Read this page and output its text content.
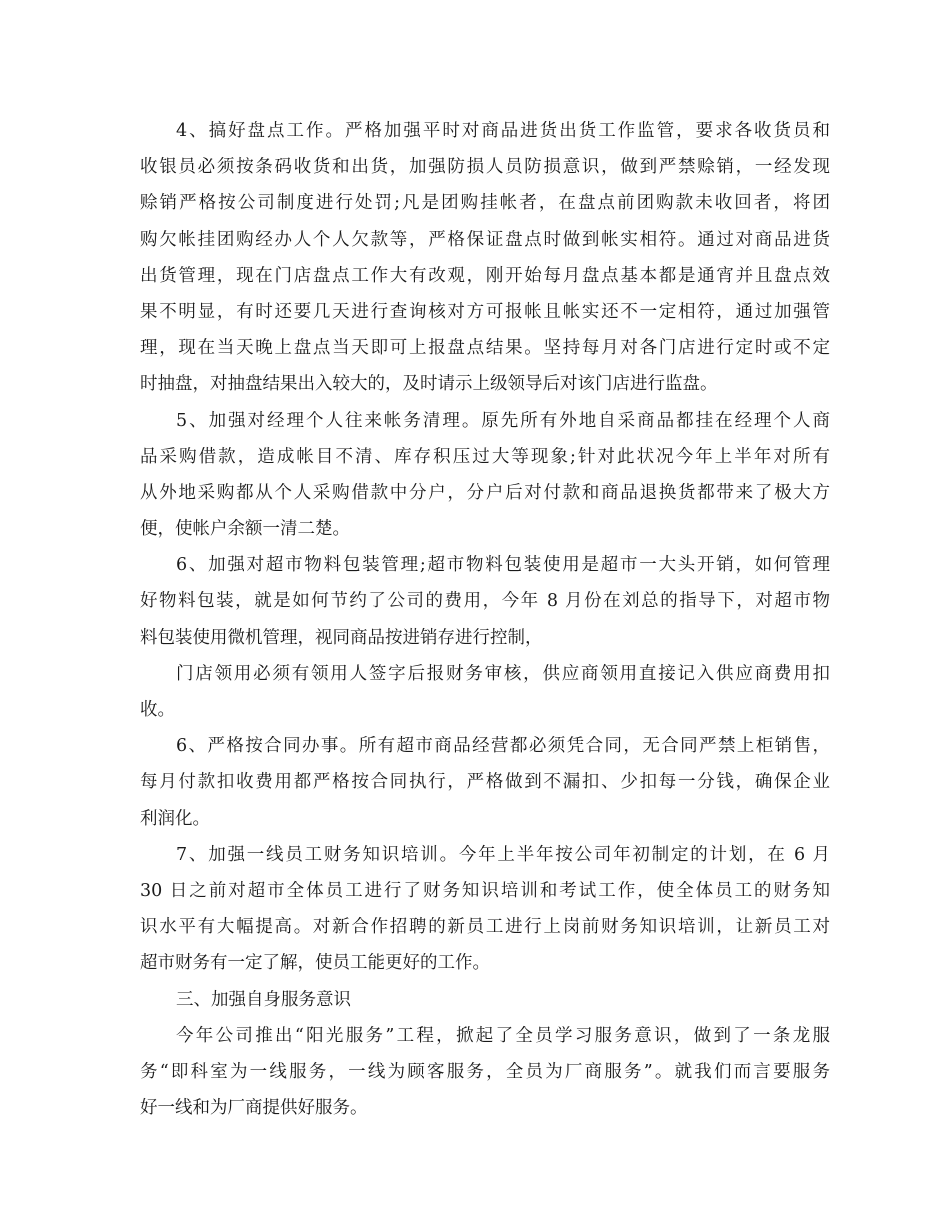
4、搞好盘点工作。严格加强平时对商品进货出货工作监管，要求各收货员和
收银员必须按条码收货和出货，加强防损人员防损意识，做到严禁赊销，一经发现
赊销严格按公司制度进行处罚;凡是团购挂帐者，在盘点前团购款未收回者，将团
购欠帐挂团购经办人个人欠款等，严格保证盘点时做到帐实相符。通过对商品进货
出货管理，现在门店盘点工作大有改观，刚开始每月盘点基本都是通宵并且盘点效
果不明显，有时还要几天进行查询核对方可报帐且帐实还不一定相符，通过加强管
理，现在当天晚上盘点当天即可上报盘点结果。坚持每月对各门店进行定时或不定
时抽盘，对抽盘结果出入较大的，及时请示上级领导后对该门店进行监盘。
5、加强对经理个人往来帐务清理。原先所有外地自采商品都挂在经理个人商
品采购借款，造成帐目不清、库存积压过大等现象;针对此状况今年上半年对所有
从外地采购都从个人采购借款中分户，分户后对付款和商品退换货都带来了极大方
便，使帐户余额一清二楚。
6、加强对超市物料包装管理;超市物料包装使用是超市一大头开销，如何管理
好物料包装，就是如何节约了公司的费用，今年 8 月份在刘总的指导下，对超市物
料包装使用微机管理，视同商品按进销存进行控制，
门店领用必须有领用人签字后报财务审核，供应商领用直接记入供应商费用扣
收。
6、严格按合同办事。所有超市商品经营都必须凭合同，无合同严禁上柜销售，
每月付款扣收费用都严格按合同执行，严格做到不漏扣、少扣每一分钱，确保企业
利润化。
7、加强一线员工财务知识培训。今年上半年按公司年初制定的计划，在 6 月
30 日之前对超市全体员工进行了财务知识培训和考试工作，使全体员工的财务知
识水平有大幅提高。对新合作招聘的新员工进行上岗前财务知识培训，让新员工对
超市财务有一定了解，使员工能更好的工作。
三、加强自身服务意识
今年公司推出“阳光服务”工程，掀起了全员学习服务意识，做到了一条龙服
务“即科室为一线服务，一线为顾客服务，全员为厂商服务”。就我们而言要服务
好一线和为厂商提供好服务。
